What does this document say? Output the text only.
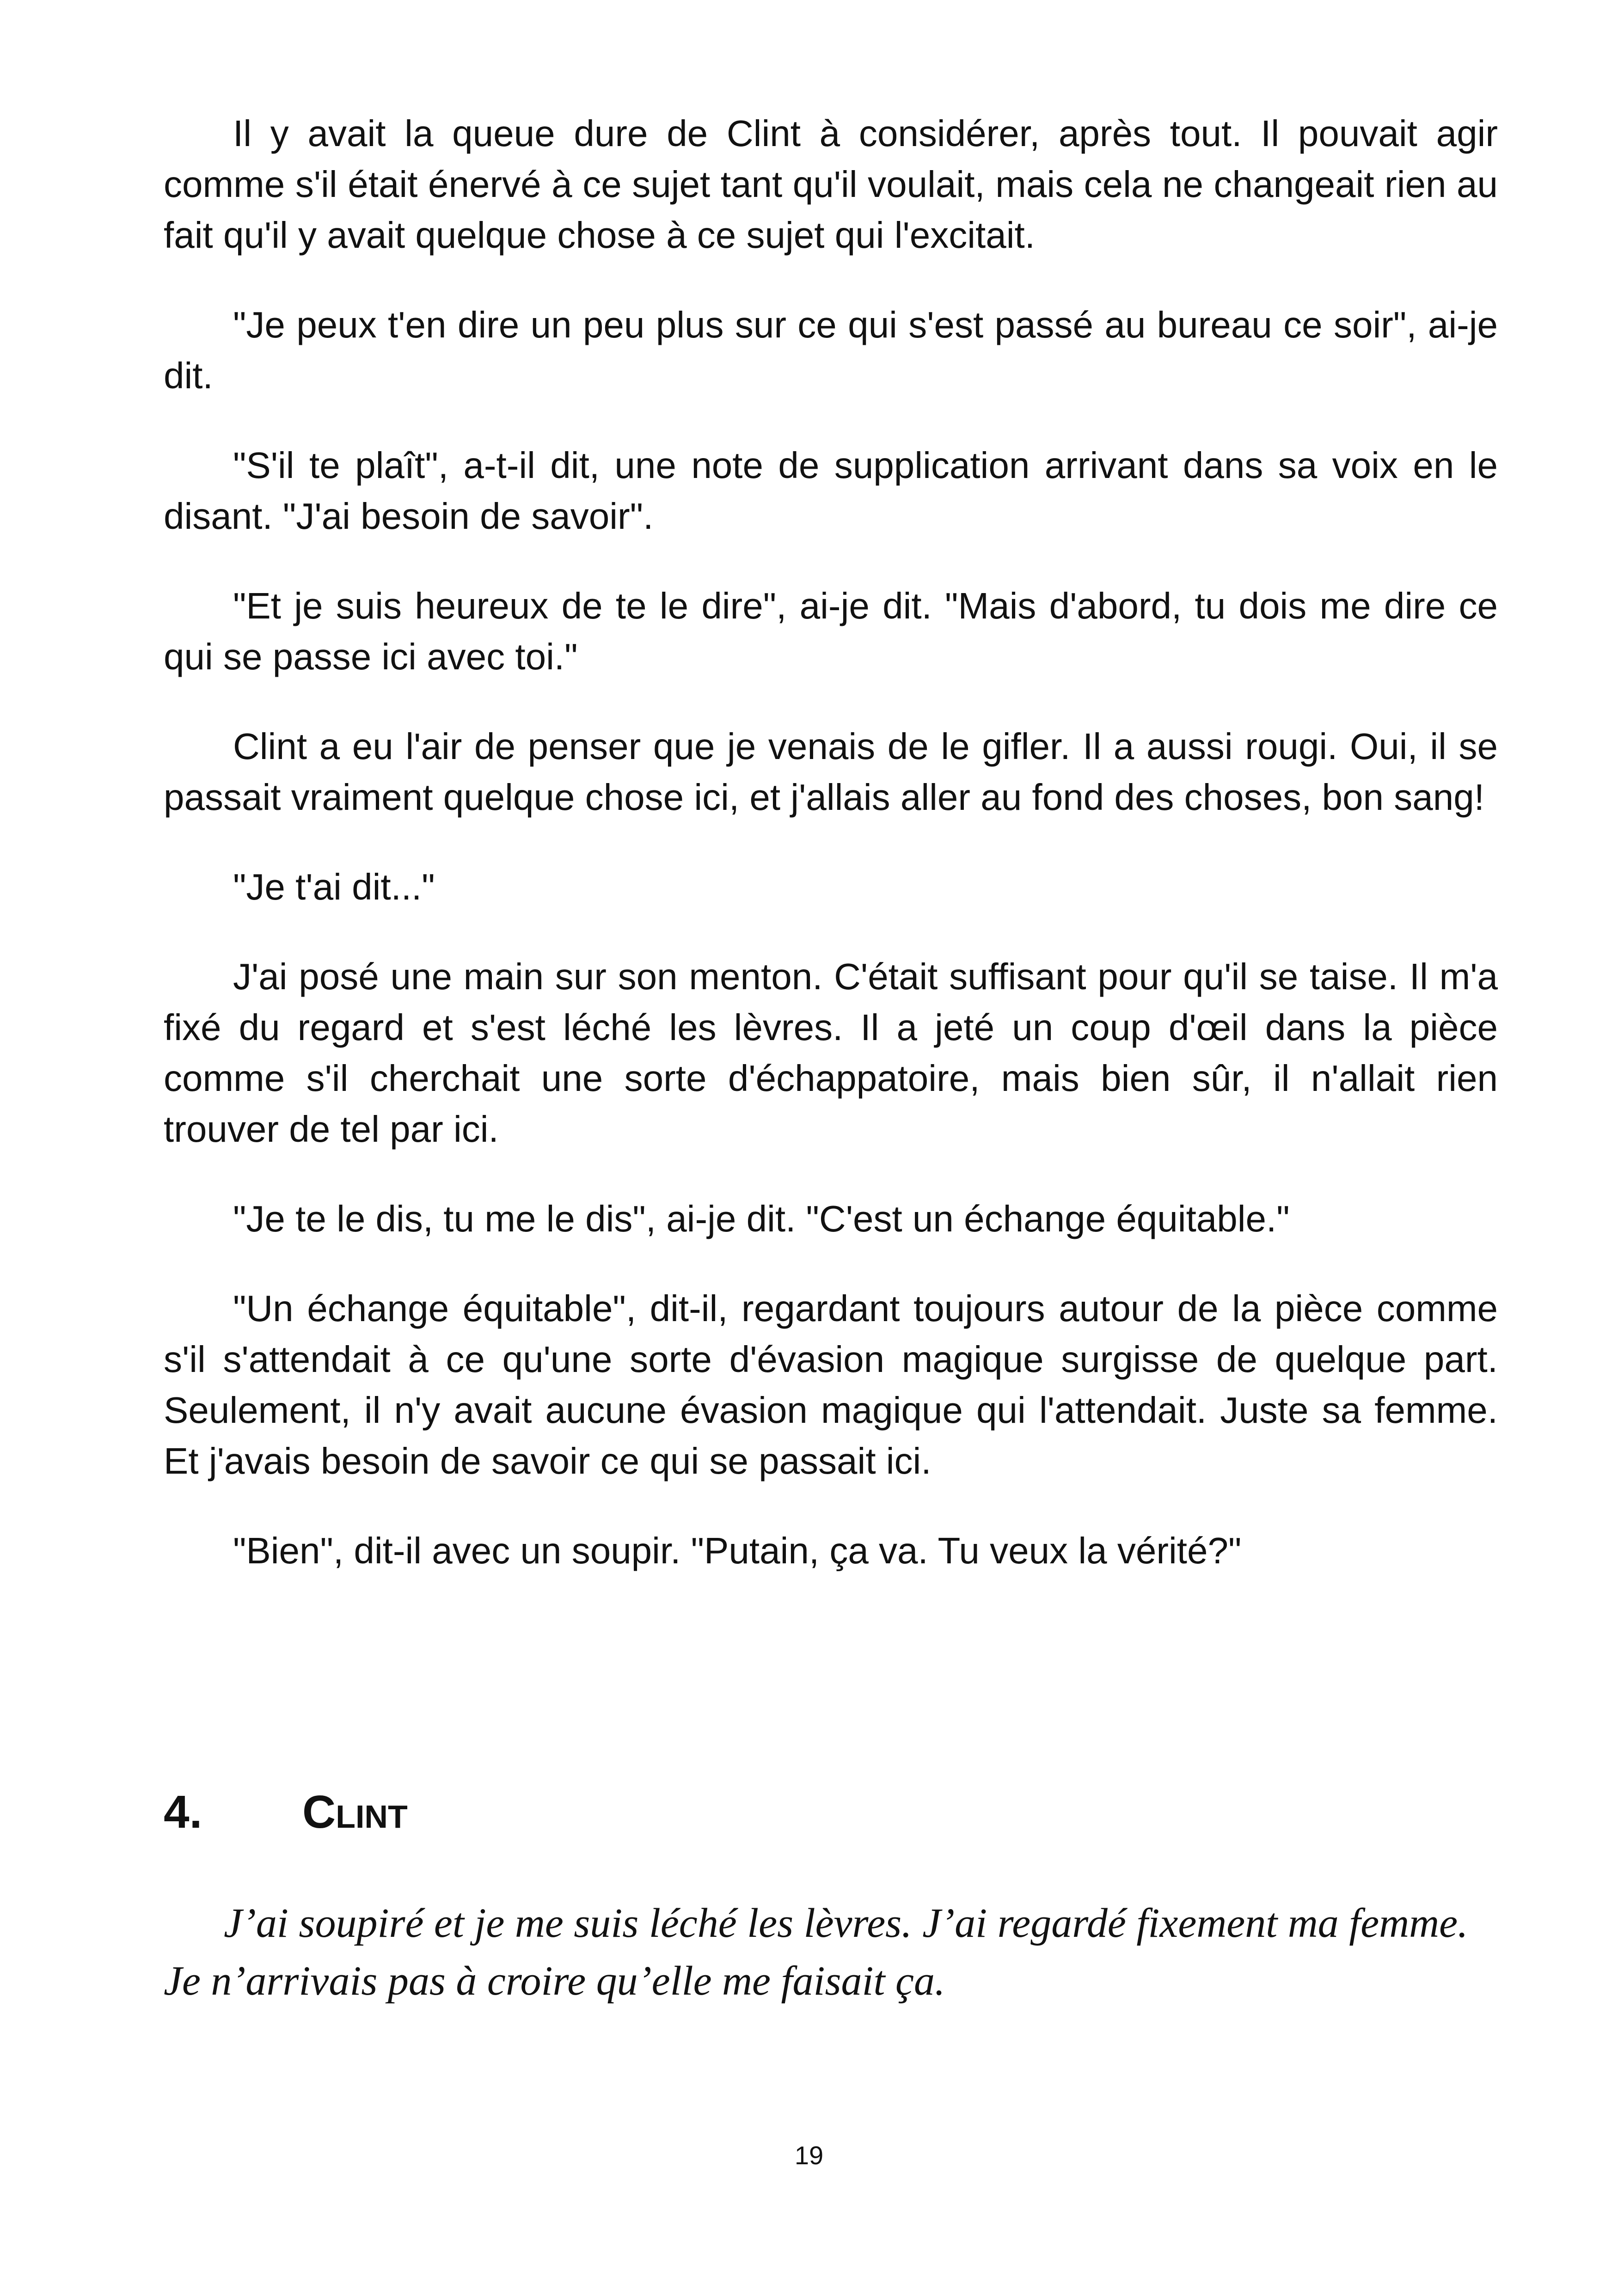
Il y avait la queue dure de Clint à considérer, après tout. Il pouvait agir comme s'il était énervé à ce sujet tant qu'il voulait, mais cela ne changeait rien au fait qu'il y avait quelque chose à ce sujet qui l'excitait.

"Je peux t'en dire un peu plus sur ce qui s'est passé au bureau ce soir", ai-je dit.

"S'il te plaît", a-t-il dit, une note de supplication arrivant dans sa voix en le disant. "J'ai besoin de savoir".

"Et je suis heureux de te le dire", ai-je dit. "Mais d'abord, tu dois me dire ce qui se passe ici avec toi."

Clint a eu l'air de penser que je venais de le gifler. Il a aussi rougi. Oui, il se passait vraiment quelque chose ici, et j'allais aller au fond des choses, bon sang!

"Je t'ai dit..."

J'ai posé une main sur son menton. C'était suffisant pour qu'il se taise. Il m'a fixé du regard et s'est léché les lèvres. Il a jeté un coup d'œil dans la pièce comme s'il cherchait une sorte d'échappatoire, mais bien sûr, il n'allait rien trouver de tel par ici.

"Je te le dis, tu me le dis", ai-je dit. "C'est un échange équitable."

"Un échange équitable", dit-il, regardant toujours autour de la pièce comme s'il s'attendait à ce qu'une sorte d'évasion magique surgisse de quelque part. Seulement, il n'y avait aucune évasion magique qui l'attendait. Juste sa femme. Et j'avais besoin de savoir ce qui se passait ici.

"Bien", dit-il avec un soupir. "Putain, ça va. Tu veux la vérité?"

4. Clint

J’ai soupiré et je me suis léché les lèvres. J’ai regardé fixement ma femme. Je n’arrivais pas à croire qu’elle me faisait ça.

19
